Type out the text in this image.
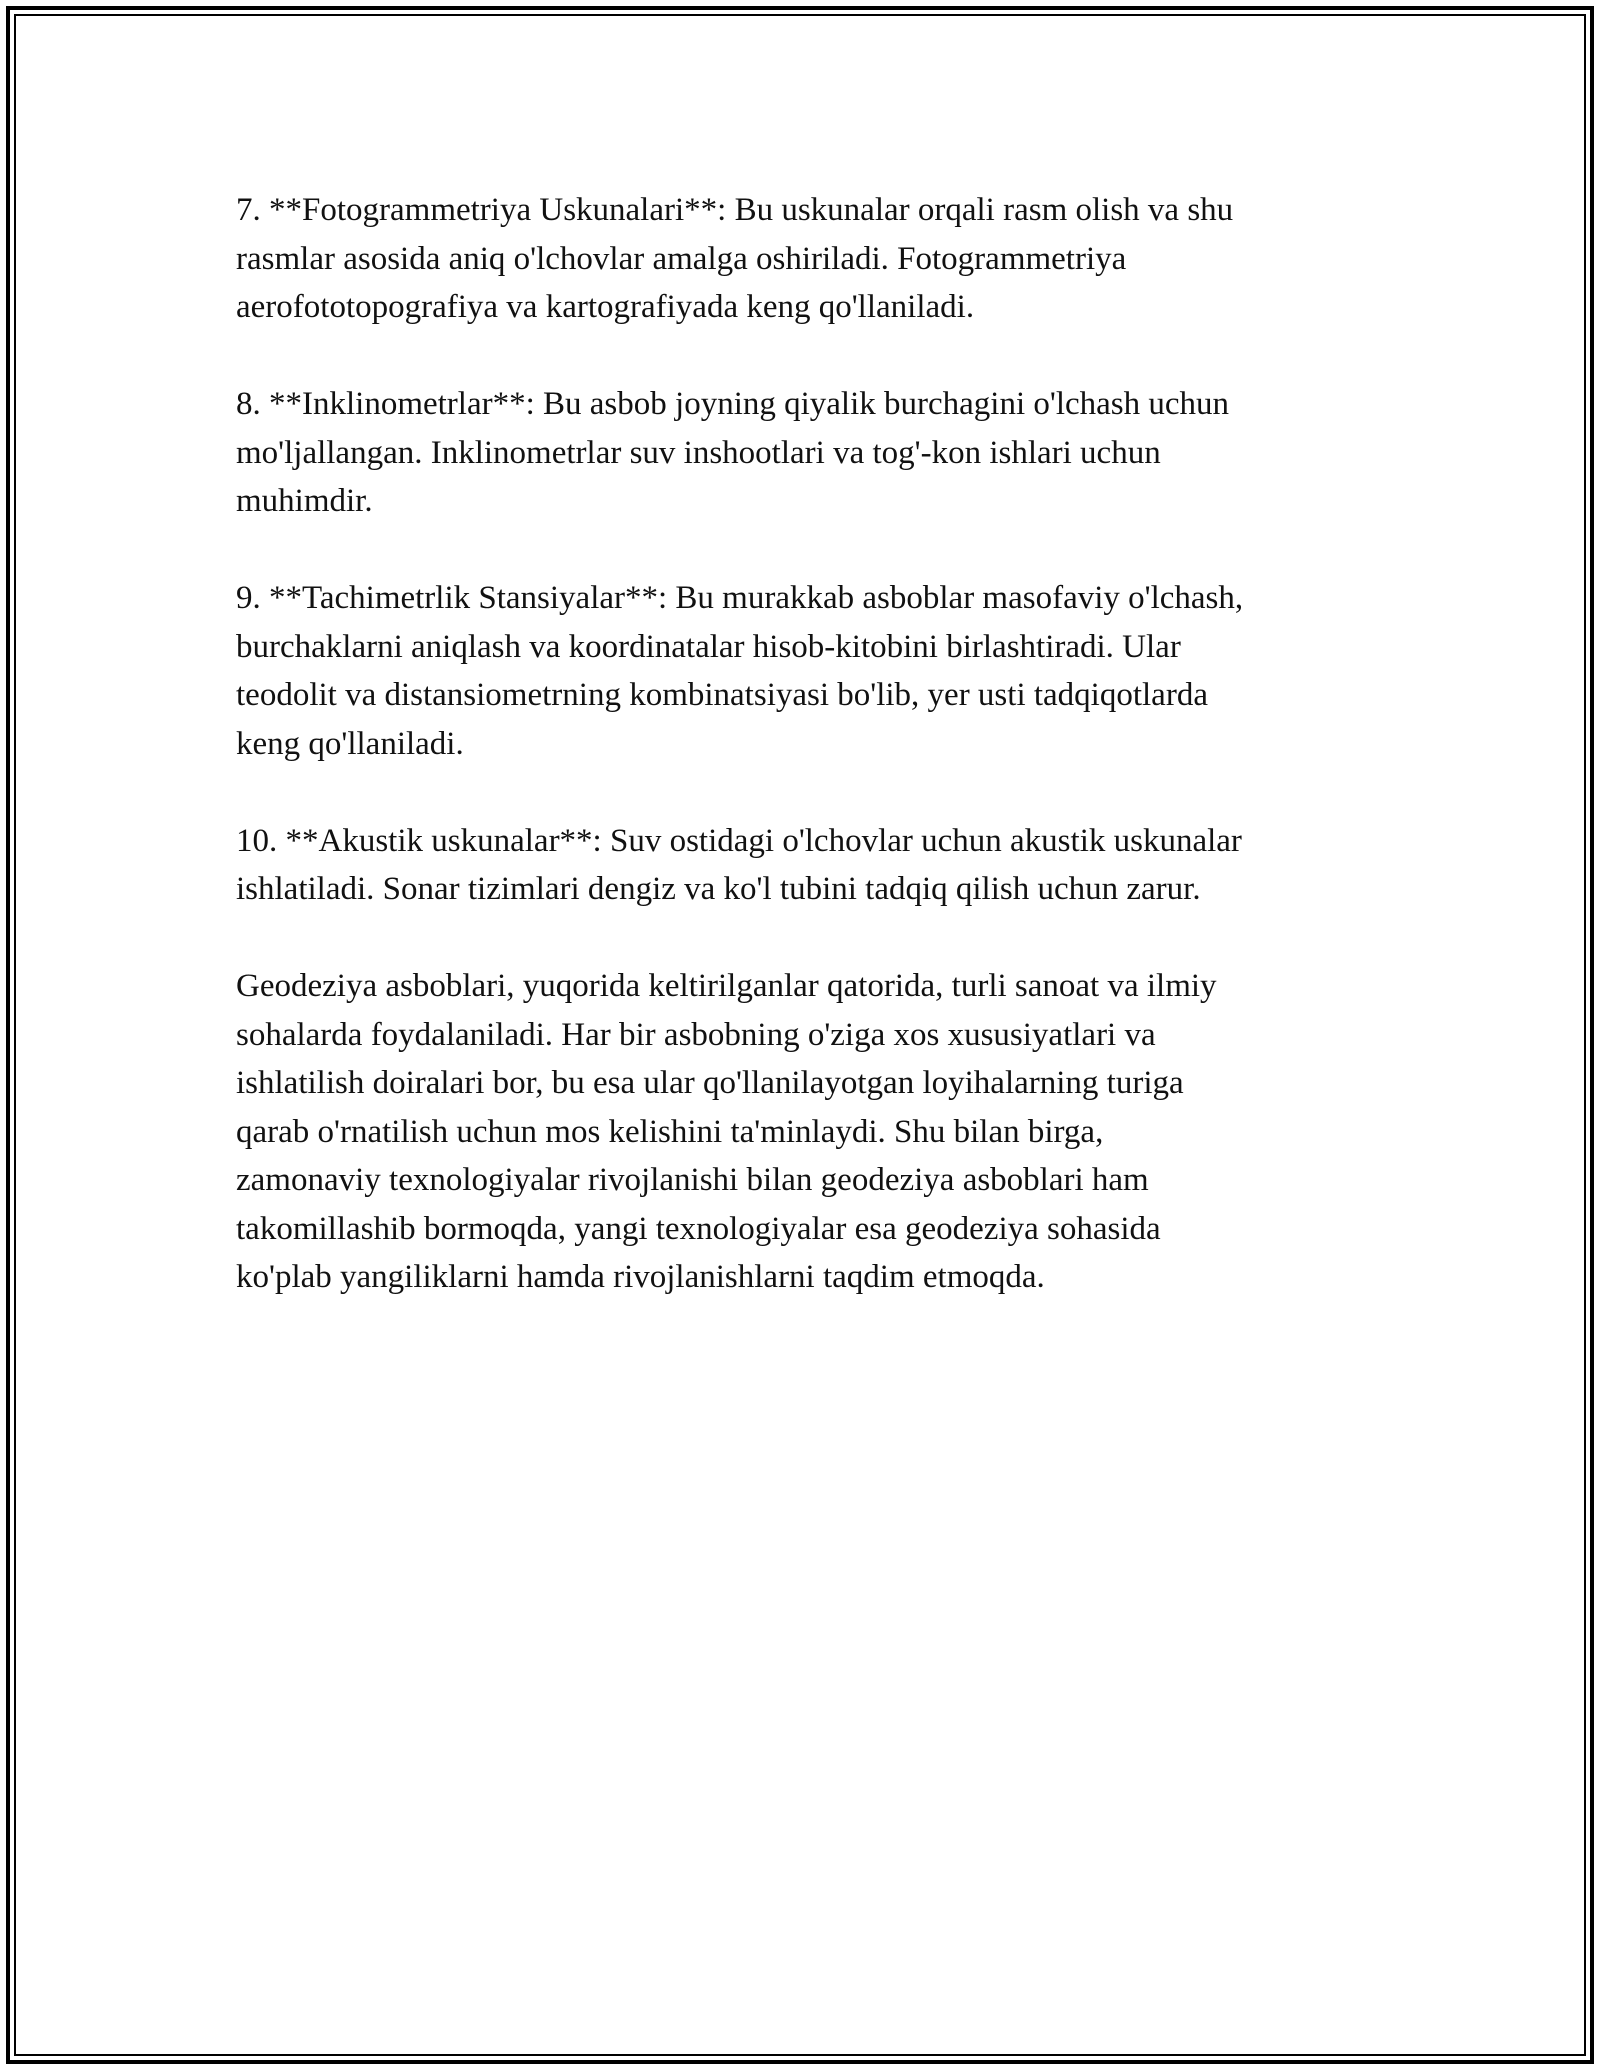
7. **Fotogrammetriya Uskunalari**: Bu uskunalar orqali rasm olish va shu
rasmlar asosida aniq o'lchovlar amalga oshiriladi. Fotogrammetriya
aerofototopografiya va kartografiyada keng qo'llaniladi.

8. **Inklinometrlar**: Bu asbob joyning qiyalik burchagini o'lchash uchun
mo'ljallangan. Inklinometrlar suv inshootlari va tog'-kon ishlari uchun
muhimdir.

9. **Tachimetrlik Stansiyalar**: Bu murakkab asboblar masofaviy o'lchash,
burchaklarni aniqlash va koordinatalar hisob-kitobini birlashtiradi. Ular
teodolit va distansiometrning kombinatsiyasi bo'lib, yer usti tadqiqotlarda
keng qo'llaniladi.

10. **Akustik uskunalar**: Suv ostidagi o'lchovlar uchun akustik uskunalar
ishlatiladi. Sonar tizimlari dengiz va ko'l tubini tadqiq qilish uchun zarur.

Geodeziya asboblari, yuqorida keltirilganlar qatorida, turli sanoat va ilmiy
sohalarda foydalaniladi. Har bir asbobning o'ziga xos xususiyatlari va
ishlatilish doiralari bor, bu esa ular qo'llanilayotgan loyihalarning turiga
qarab o'rnatilish uchun mos kelishini ta'minlaydi. Shu bilan birga,
zamonaviy texnologiyalar rivojlanishi bilan geodeziya asboblari ham
takomillashib bormoqda, yangi texnologiyalar esa geodeziya sohasida
ko'plab yangiliklarni hamda rivojlanishlarni taqdim etmoqda.
